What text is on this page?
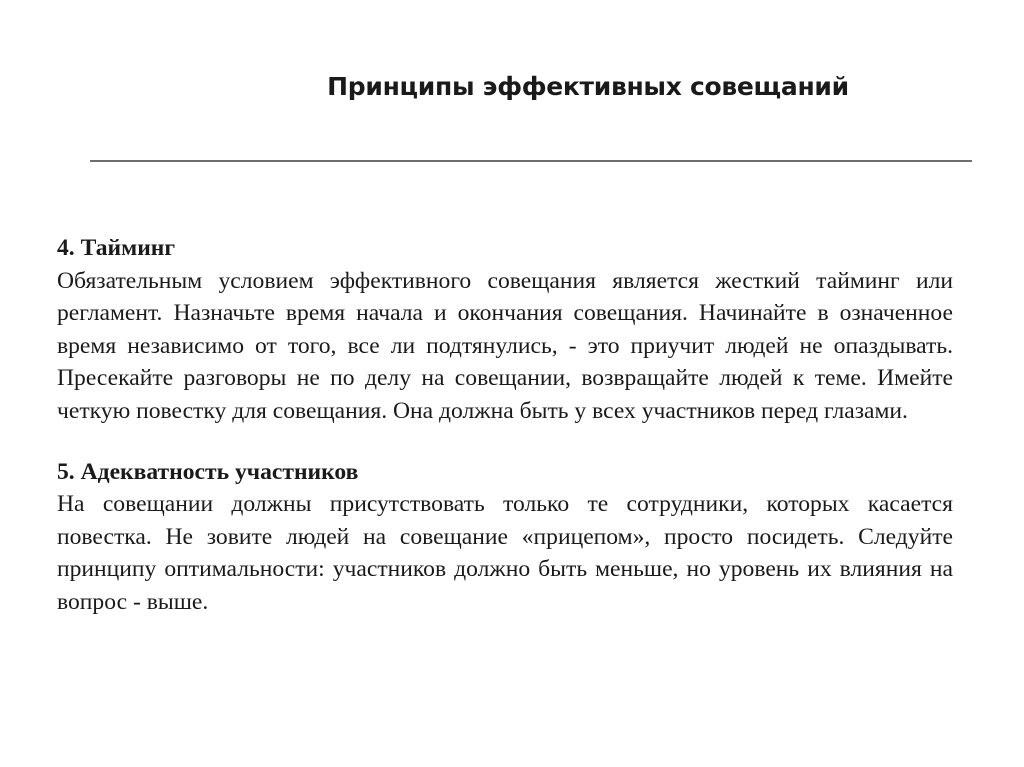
Принципы эффективных совещаний
4. Тайминг
Обязательным условием эффективного совещания является жесткий тайминг или регламент. Назначьте время начала и окончания совещания. Начинайте в означенное время независимо от того, все ли подтянулись, - это приучит людей не опаздывать. Пресекайте разговоры не по делу на совещании, возвращайте людей к теме. Имейте четкую повестку для совещания. Она должна быть у всех участников перед глазами.
5. Адекватность участников
На совещании должны присутствовать только те сотрудники, которых касается повестка. Не зовите людей на совещание «прицепом», просто посидеть. Следуйте принципу оптимальности: участников должно быть меньше, но уровень их влияния на вопрос - выше.
